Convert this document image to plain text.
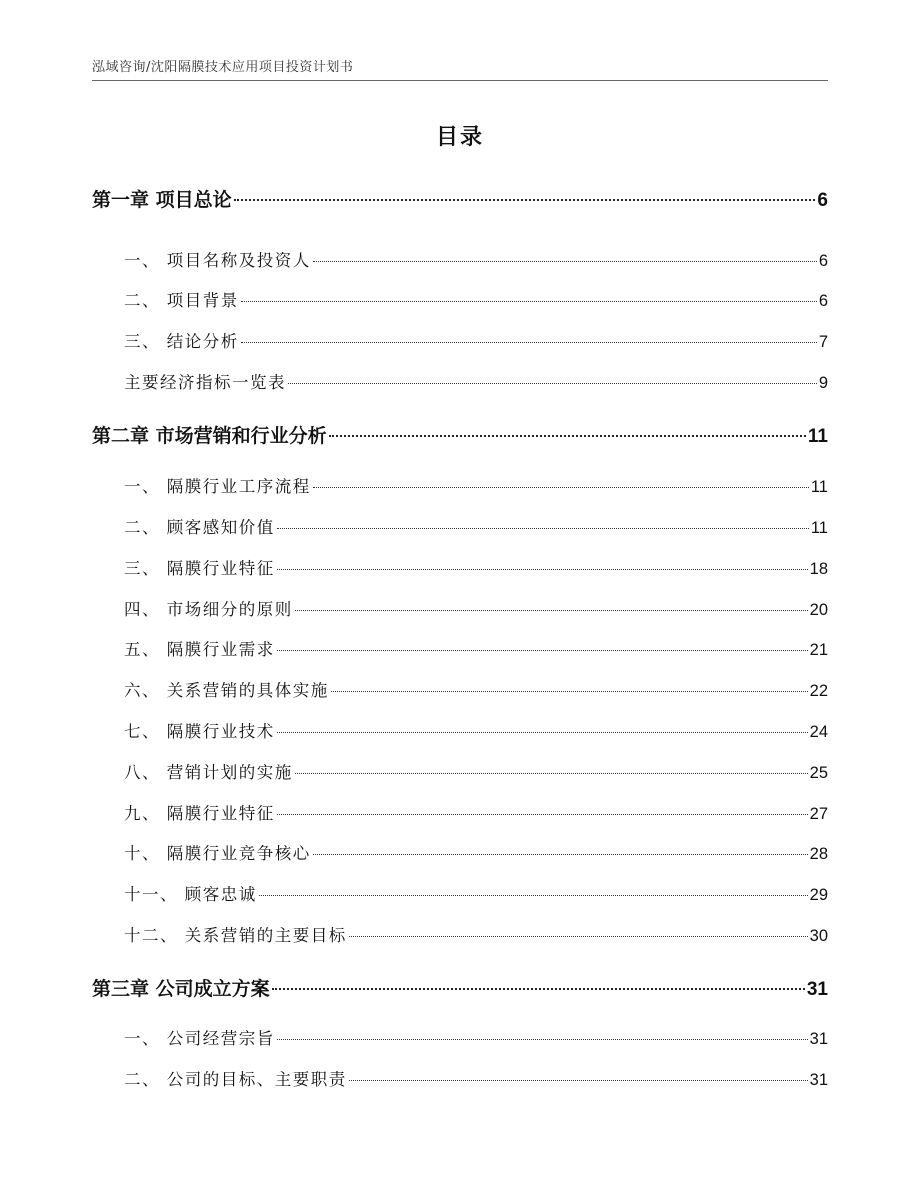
泓域咨询/沈阳隔膜技术应用项目投资计划书
目录
第一章 项目总论	6
一、 项目名称及投资人	6
二、 项目背景	6
三、 结论分析	7
主要经济指标一览表	9
第二章 市场营销和行业分析	11
一、 隔膜行业工序流程	11
二、 顾客感知价值	11
三、 隔膜行业特征	18
四、 市场细分的原则	20
五、 隔膜行业需求	21
六、 关系营销的具体实施	22
七、 隔膜行业技术	24
八、 营销计划的实施	25
九、 隔膜行业特征	27
十、 隔膜行业竞争核心	28
十一、 顾客忠诚	29
十二、 关系营销的主要目标	30
第三章 公司成立方案	31
一、 公司经营宗旨	31
二、 公司的目标、主要职责	31
